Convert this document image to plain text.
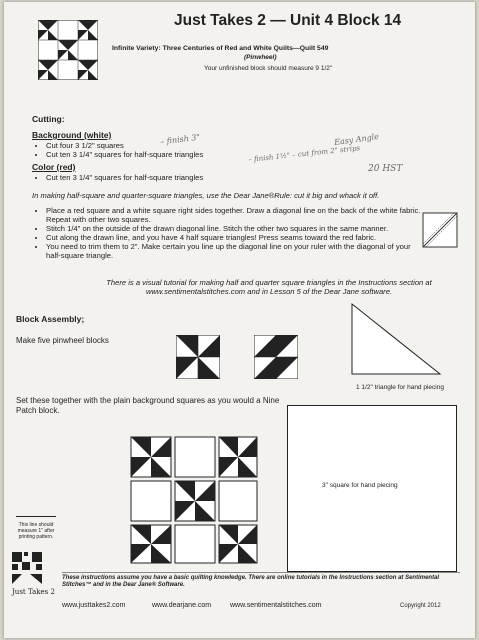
Just Takes 2 — Unit 4 Block 14
Infinite Variety: Three Centuries of Red and White Quilts—Quilt 549
(Pinwheel)
Your unfinished block should measure 9 1/2"
Cutting:
Background (white)
• Cut four 3 1/2" squares
• Cut ten 3 1/4" squares for half-square triangles
Color (red)
• Cut ten 3 1/4" squares for half-square triangles
– finish 3"
– finish 1½" – cut from 2" strips
Easy Angle
20 HST
In making half-square and quarter-square triangles, use the Dear Jane®Rule: cut it big and whack it off.
• Place a red square and a white square right sides together. Draw a diagonal line on the back of the white fabric. Repeat with other two squares.
• Stitch 1/4" on the outside of the drawn diagonal line. Stitch the other two squares in the same manner.
• Cut along the drawn line, and you have 4 half square triangles! Press seams toward the red fabric.
• You need to trim them to 2". Make certain you line up the diagonal line on your ruler with the diagonal of your half-square triangle.
There is a visual tutorial for making half and quarter square triangles in the Instructions section at www.sentimentalstitches.com and in Lesson 5 of the Dear Jane software.
Block Assembly;
Make five pinwheel blocks
1 1/2" triangle for hand piecing
Set these together with the plain background squares as you would a Nine Patch block.
3" square for hand piecing
This line should measure 1" after printing pattern.
Just Takes 2
These instructions assume you have a basic quilting knowledge. There are online tutorials in the Instructions section at Sentimental Stitches™ and in the Dear Jane® Software.
www.justtakes2.com	www.dearjane.com	www.sentimentalstitches.com	Copyright 2012
